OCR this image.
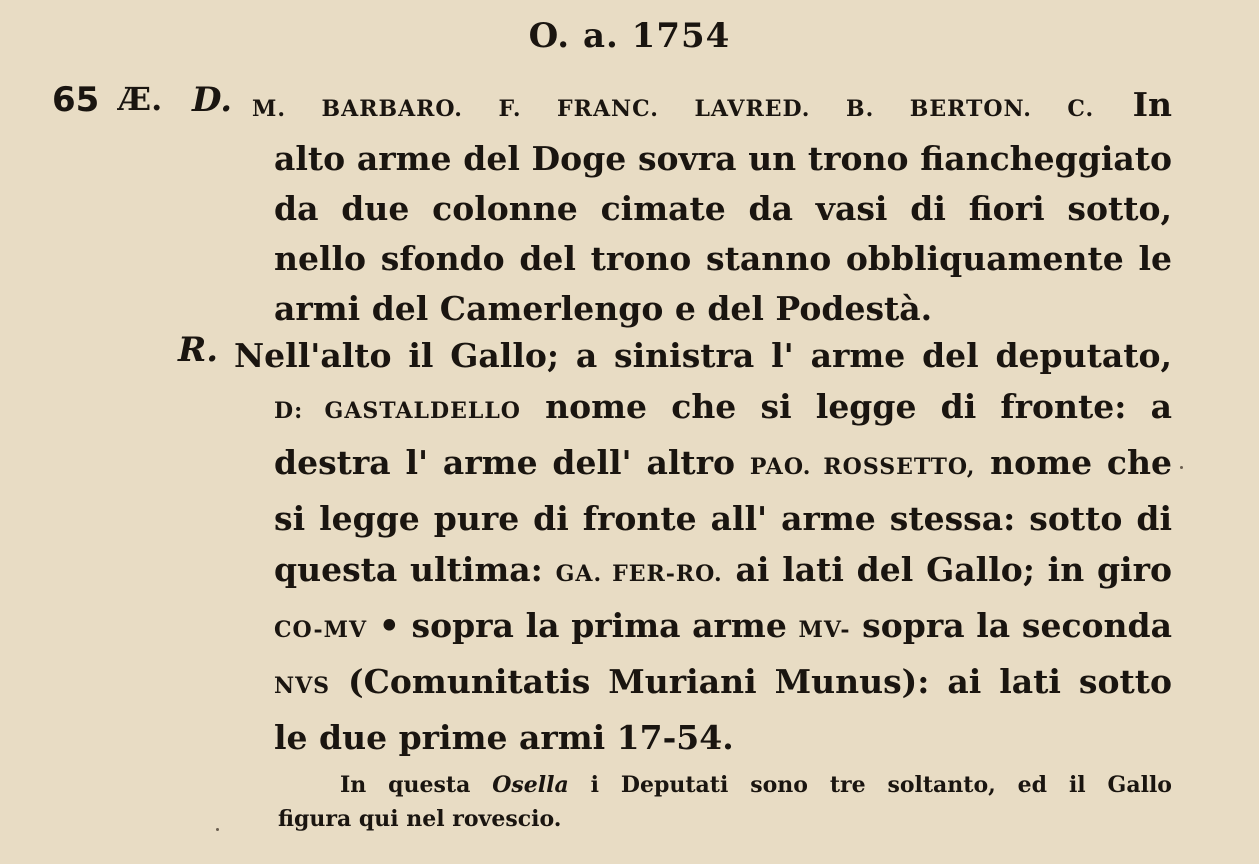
O. a. 1754
65 Æ. D. M. BARBARO. F. FRANC. LAVRED. B. BERTON. C. In
alto arme del Doge sovra un trono fiancheggiato da due colonne cimate da vasi di fiori sotto, nello sfondo del trono stanno obbliquamente le armi del Camerlengo e del Podestà.
R. Nell'alto il Gallo; a sinistra l' arme del deputato,
D: GASTALDELLO nome che si legge di fronte: a destra l' arme dell' altro PAO. ROSSETTO, nome che si legge pure di fronte all' arme stessa: sotto di questa ultima: GA. FER-RO. ai lati del Gallo; in giro CO-MV • sopra la prima arme MV- sopra la seconda NVS (Comunitatis Muriani Munus): ai lati sotto le due prime armi 17-54.
In questa Osella i Deputati sono tre soltanto, ed il Gallo
figura qui nel rovescio.
